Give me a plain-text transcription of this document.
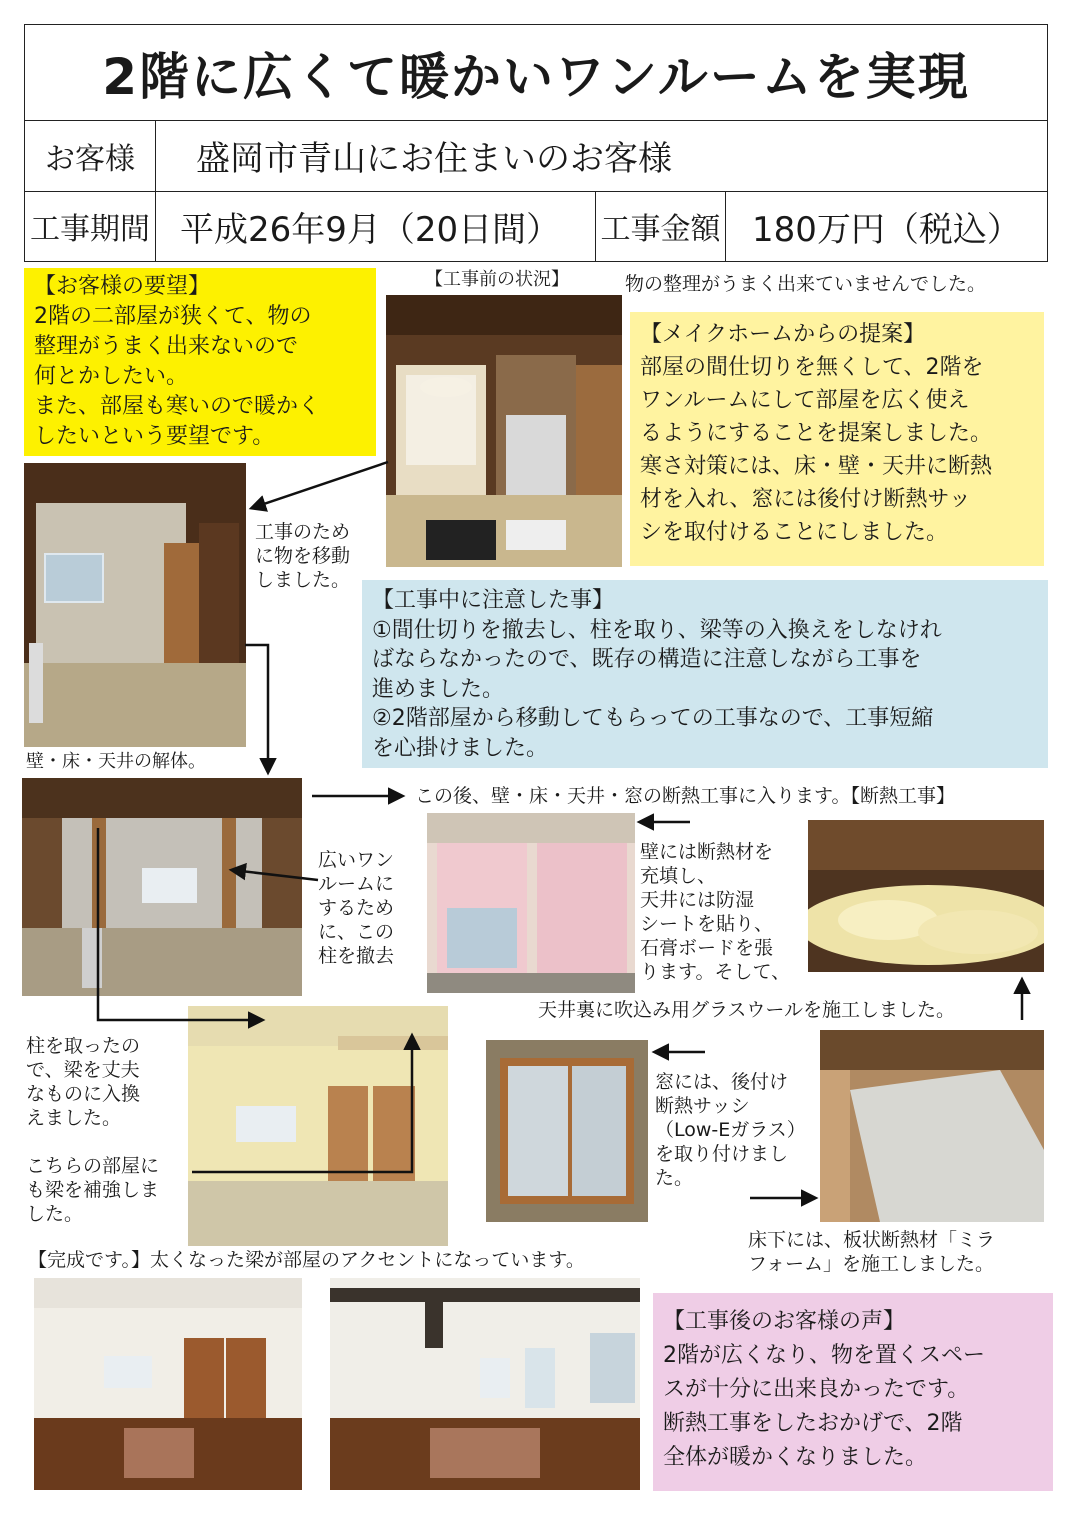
2階に広くて暖かいワンルームを実現
お客様	盛岡市青山にお住まいのお客様
工事期間 平成26年9月（20日間）	工事金額 180万円（税込）
【お客様の要望】
2階の二部屋が狭くて、物の
整理がうまく出来ないので
何とかしたい。
また、部屋も寒いので暖かく
したいという要望です。
【工事前の状況】	物の整理がうまく出来ていませんでした。
【メイクホームからの提案】
部屋の間仕切りを無くして、2階を
ワンルームにして部屋を広く使え
るようにすることを提案しました。
寒さ対策には、床・壁・天井に断熱
材を入れ、窓には後付け断熱サッ
シを取付けることにしました。
工事のため
に物を移動
しました。
【工事中に注意した事】
①間仕切りを撤去し、柱を取り、梁等の入換えをしなけれ
ばならなかったので、既存の構造に注意しながら工事を
進めました。
②2階部屋から移動してもらっての工事なので、工事短縮
を心掛けました。
壁・床・天井の解体。
この後、壁・床・天井・窓の断熱工事に入ります。【断熱工事】
広いワン
ルームに
するため
に、この
柱を撤去
壁には断熱材を
充填し、
天井には防湿
シートを貼り、
石膏ボードを張
ります。そして、
天井裏に吹込み用グラスウールを施工しました。
柱を取ったの
で、梁を丈夫
なものに入換
えました。
こちらの部屋に
も梁を補強しま
した。
窓には、後付け
断熱サッシ
（Low-Eガラス）
を取り付けまし
た。
床下には、板状断熱材「ミラ
フォーム」を施工しました。
【完成です。】太くなった梁が部屋のアクセントになっています。
【工事後のお客様の声】
2階が広くなり、物を置くスペー
スが十分に出来良かったです。
断熱工事をしたおかげで、2階
全体が暖かくなりました。
